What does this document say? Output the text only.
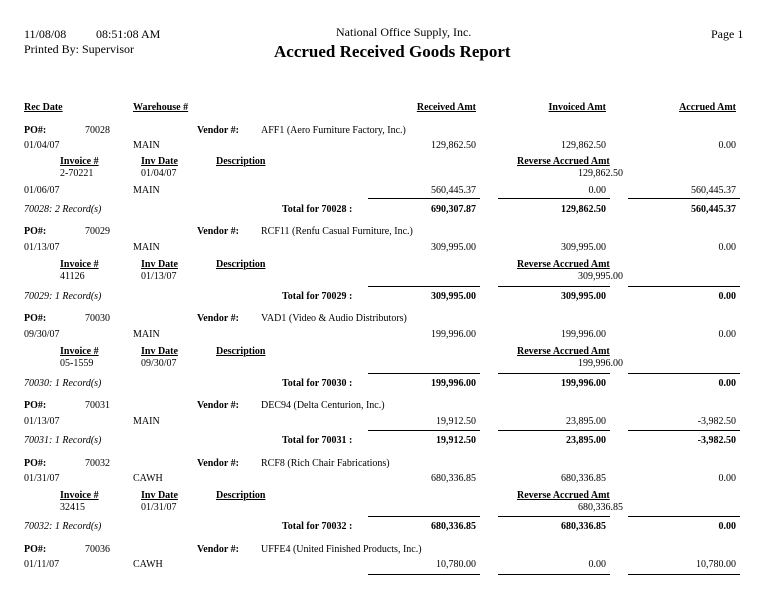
11/08/08 08:51:08 AM
Printed By: Supervisor
National Office Supply, Inc.
Accrued Received Goods Report
Page 1
Rec Date	Warehouse #	Received Amt	Invoiced Amt	Accrued Amt
PO#:	70028	Vendor #: AFF1 (Aero Furniture Factory, Inc.)
01/04/07	MAIN	129,862.50	129,862.50	0.00
Invoice #	Inv Date	Description	Reverse Accrued Amt
2-70221	01/04/07	129,862.50
01/06/07	MAIN	560,445.37	0.00	560,445.37
70028: 2 Record(s)	Total for 70028 :	690,307.87	129,862.50	560,445.37
PO#:	70029	Vendor #: RCF11 (Renfu Casual Furniture, Inc.)
01/13/07	MAIN	309,995.00	309,995.00	0.00
Invoice #	Inv Date	Description	Reverse Accrued Amt
41126	01/13/07	309,995.00
70029: 1 Record(s)	Total for 70029 :	309,995.00	309,995.00	0.00
PO#:	70030	Vendor #: VAD1 (Video & Audio Distributors)
09/30/07	MAIN	199,996.00	199,996.00	0.00
Invoice #	Inv Date	Description	Reverse Accrued Amt
05-1559	09/30/07	199,996.00
70030: 1 Record(s)	Total for 70030 :	199,996.00	199,996.00	0.00
PO#:	70031	Vendor #: DEC94 (Delta Centurion, Inc.)
01/13/07	MAIN	19,912.50	23,895.00	-3,982.50
70031: 1 Record(s)	Total for 70031 :	19,912.50	23,895.00	-3,982.50
PO#:	70032	Vendor #: RCF8 (Rich Chair Fabrications)
01/31/07	CAWH	680,336.85	680,336.85	0.00
Invoice #	Inv Date	Description	Reverse Accrued Amt
32415	01/31/07	680,336.85
70032: 1 Record(s)	Total for 70032 :	680,336.85	680,336.85	0.00
PO#:	70036	Vendor #: UFFE4 (United Finished Products, Inc.)
01/11/07	CAWH	10,780.00	0.00	10,780.00
